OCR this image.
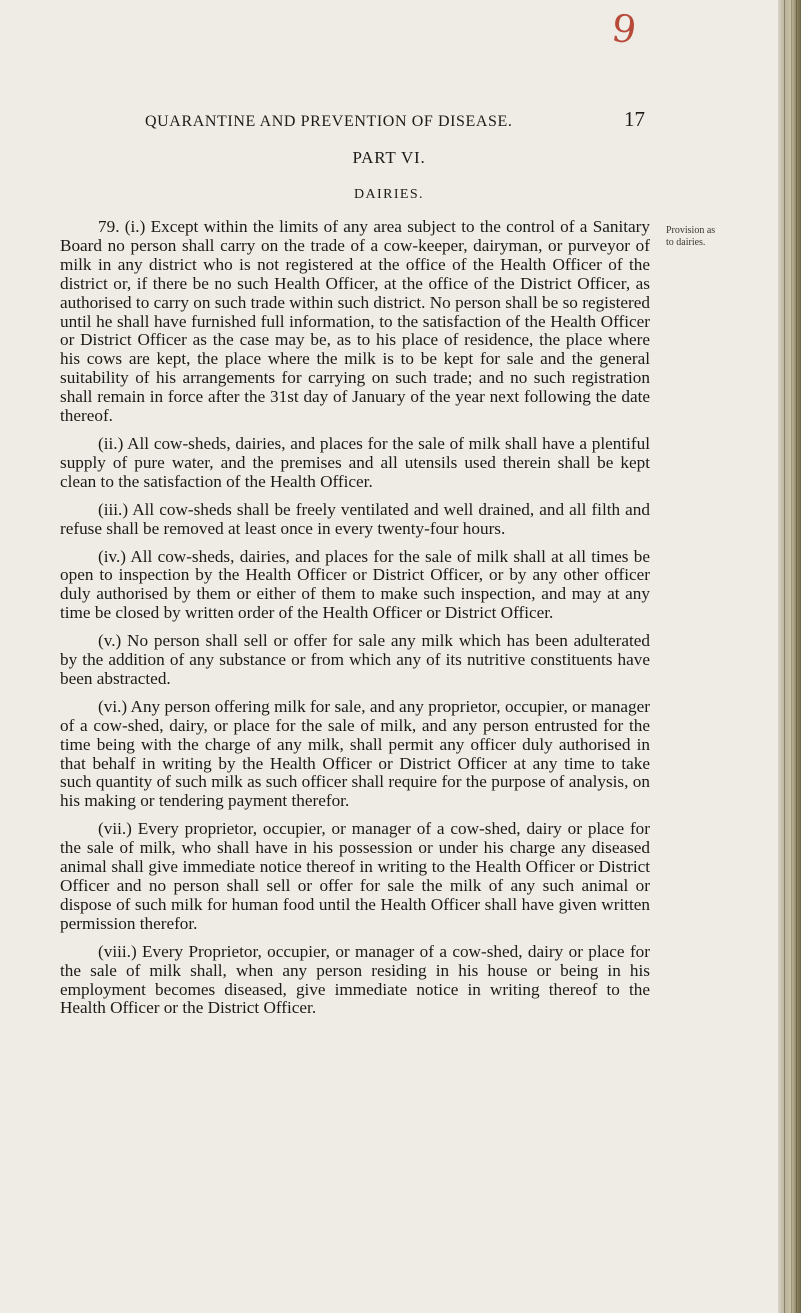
9
QUARANTINE AND PREVENTION OF DISEASE.	17
PART VI.
DAIRIES.

79. (i.) Except within the limits of any area subject to the control of a Sanitary Board no person shall carry on the trade of a cow-keeper, dairyman, or purveyor of milk in any district who is not registered at the office of the Health Officer of the district or, if there be no such Health Officer, at the office of the District Officer, as authorised to carry on such trade within such district. No person shall be so registered until he shall have furnished full information, to the satisfaction of the Health Officer or District Officer as the case may be, as to his place of residence, the place where his cows are kept, the place where the milk is to be kept for sale and the general suitability of his arrangements for carrying on such trade; and no such registration shall remain in force after the 31st day of January of the year next following the date thereof.

(ii.) All cow-sheds, dairies, and places for the sale of milk shall have a plentiful supply of pure water, and the premises and all utensils used therein shall be kept clean to the satisfaction of the Health Officer.

(iii.) All cow-sheds shall be freely ventilated and well drained, and all filth and refuse shall be removed at least once in every twenty-four hours.

(iv.) All cow-sheds, dairies, and places for the sale of milk shall at all times be open to inspection by the Health Officer or District Officer, or by any other officer duly authorised by them or either of them to make such inspection, and may at any time be closed by written order of the Health Officer or District Officer.

(v.) No person shall sell or offer for sale any milk which has been adulterated by the addition of any substance or from which any of its nutritive constituents have been abstracted.

(vi.) Any person offering milk for sale, and any proprietor, occupier, or manager of a cow-shed, dairy, or place for the sale of milk, and any person entrusted for the time being with the charge of any milk, shall permit any officer duly authorised in that behalf in writing by the Health Officer or District Officer at any time to take such quantity of such milk as such officer shall require for the purpose of analysis, on his making or tendering payment therefor.

(vii.) Every proprietor, occupier, or manager of a cow-shed, dairy or place for the sale of milk, who shall have in his possession or under his charge any diseased animal shall give immediate notice thereof in writing to the Health Officer or District Officer and no person shall sell or offer for sale the milk of any such animal or dispose of such milk for human food until the Health Officer shall have given written permission therefor.

(viii.) Every Proprietor, occupier, or manager of a cow-shed, dairy or place for the sale of milk shall, when any person residing in his house or being in his employment becomes diseased, give immediate notice in writing thereof to the Health Officer or the District Officer.

Provision as to dairies.
